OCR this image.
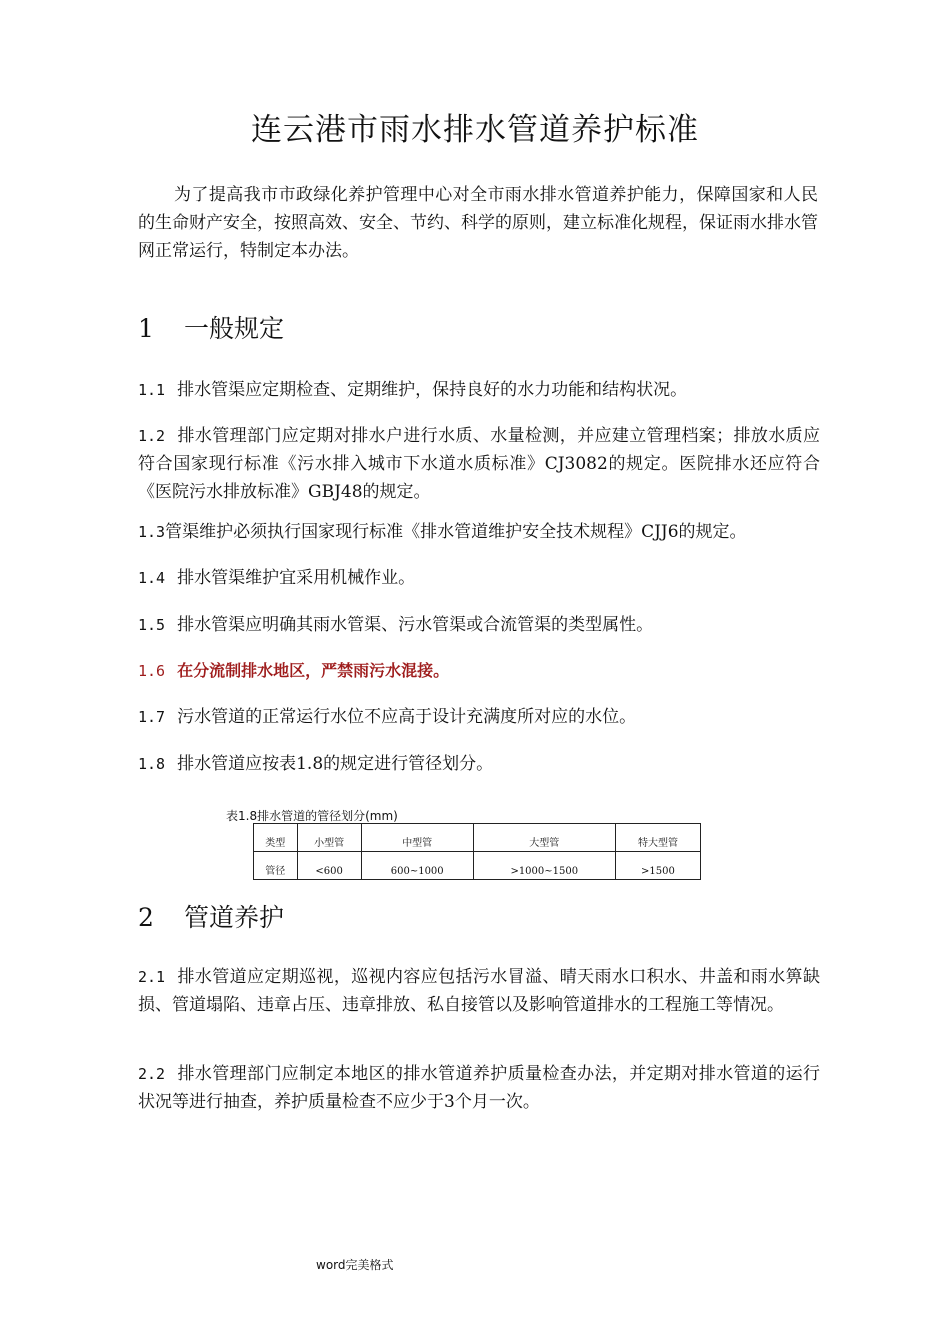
连云港市雨水排水管道养护标准
为了提高我市市政绿化养护管理中心对全市雨水排水管道养护能力，保障国家和人民的生命财产安全，按照高效、安全、节约、科学的原则，建立标准化规程，保证雨水排水管网正常运行，特制定本办法。
1 一般规定
1.1 排水管渠应定期检查、定期维护，保持良好的水力功能和结构状况。
1.2 排水管理部门应定期对排水户进行水质、水量检测，并应建立管理档案；排放水质应符合国家现行标准《污水排入城市下水道水质标准》CJ3082的规定。医院排水还应符合《医院污水排放标准》GBJ48的规定。
1.3管渠维护必须执行国家现行标准《排水管道维护安全技术规程》CJJ6的规定。
1.4 排水管渠维护宜采用机械作业。
1.5 排水管渠应明确其雨水管渠、污水管渠或合流管渠的类型属性。
1.6 在分流制排水地区，严禁雨污水混接。
1.7 污水管道的正常运行水位不应高于设计充满度所对应的水位。
1.8 排水管道应按表1.8的规定进行管径划分。
表1.8排水管道的管径划分(mm)
类型	小型管	中型管	大型管	特大型管
管径	<600	600~1000	>1000~1500	>1500
2 管道养护
2.1 排水管道应定期巡视，巡视内容应包括污水冒溢、晴天雨水口积水、井盖和雨水箅缺损、管道塌陷、违章占压、违章排放、私自接管以及影响管道排水的工程施工等情况。
2.2 排水管理部门应制定本地区的排水管道养护质量检查办法，并定期对排水管道的运行状况等进行抽查，养护质量检查不应少于3个月一次。
word完美格式
